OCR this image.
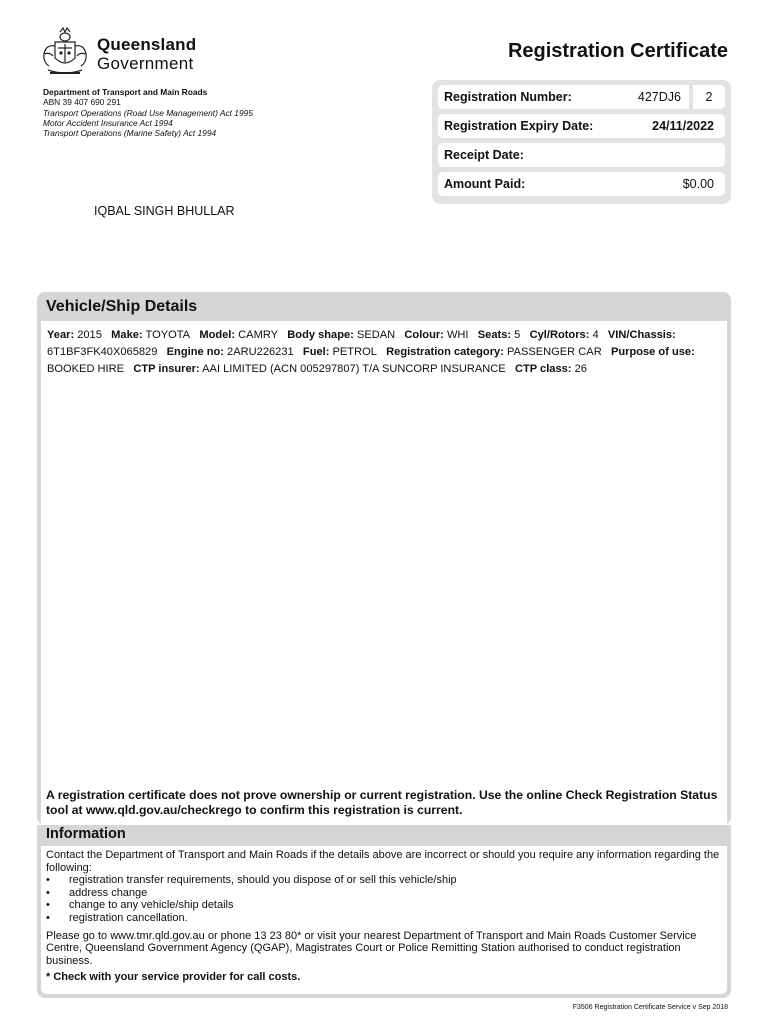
Queensland
Government
Registration Certificate
Department of Transport and Main Roads
ABN 39 407 690 291
Transport Operations (Road Use Management) Act 1995
Motor Accident Insurance Act 1994
Transport Operations (Marine Safety) Act 1994
Registration Number:	427DJ6	2
Registration Expiry Date:	24/11/2022
Receipt Date:
Amount Paid:	$0.00
IQBAL SINGH BHULLAR
Vehicle/Ship Details
Year: 2015 Make: TOYOTA Model: CAMRY Body shape: SEDAN Colour: WHI Seats: 5 Cyl/Rotors: 4 VIN/Chassis: 6T1BF3FK40X065829 Engine no: 2ARU226231 Fuel: PETROL Registration category: PASSENGER CAR Purpose of use: BOOKED HIRE CTP insurer: AAI LIMITED (ACN 005297807) T/A SUNCORP INSURANCE CTP class: 26
A registration certificate does not prove ownership or current registration. Use the online Check Registration Status tool at www.qld.gov.au/checkrego to confirm this registration is current.
Information

Contact the Department of Transport and Main Roads if the details above are incorrect or should you require any information regarding the following:

• registration transfer requirements, should you dispose of or sell this vehicle/ship
• address change
• change to any vehicle/ship details
• registration cancellation.

Please go to www.tmr.qld.gov.au or phone 13 23 80* or visit your nearest Department of Transport and Main Roads Customer Service Centre, Queensland Government Agency (QGAP), Magistrates Court or Police Remitting Station authorised to conduct registration business.

* Check with your service provider for call costs.

F3506 Registration Certificate Service v Sep 2018
